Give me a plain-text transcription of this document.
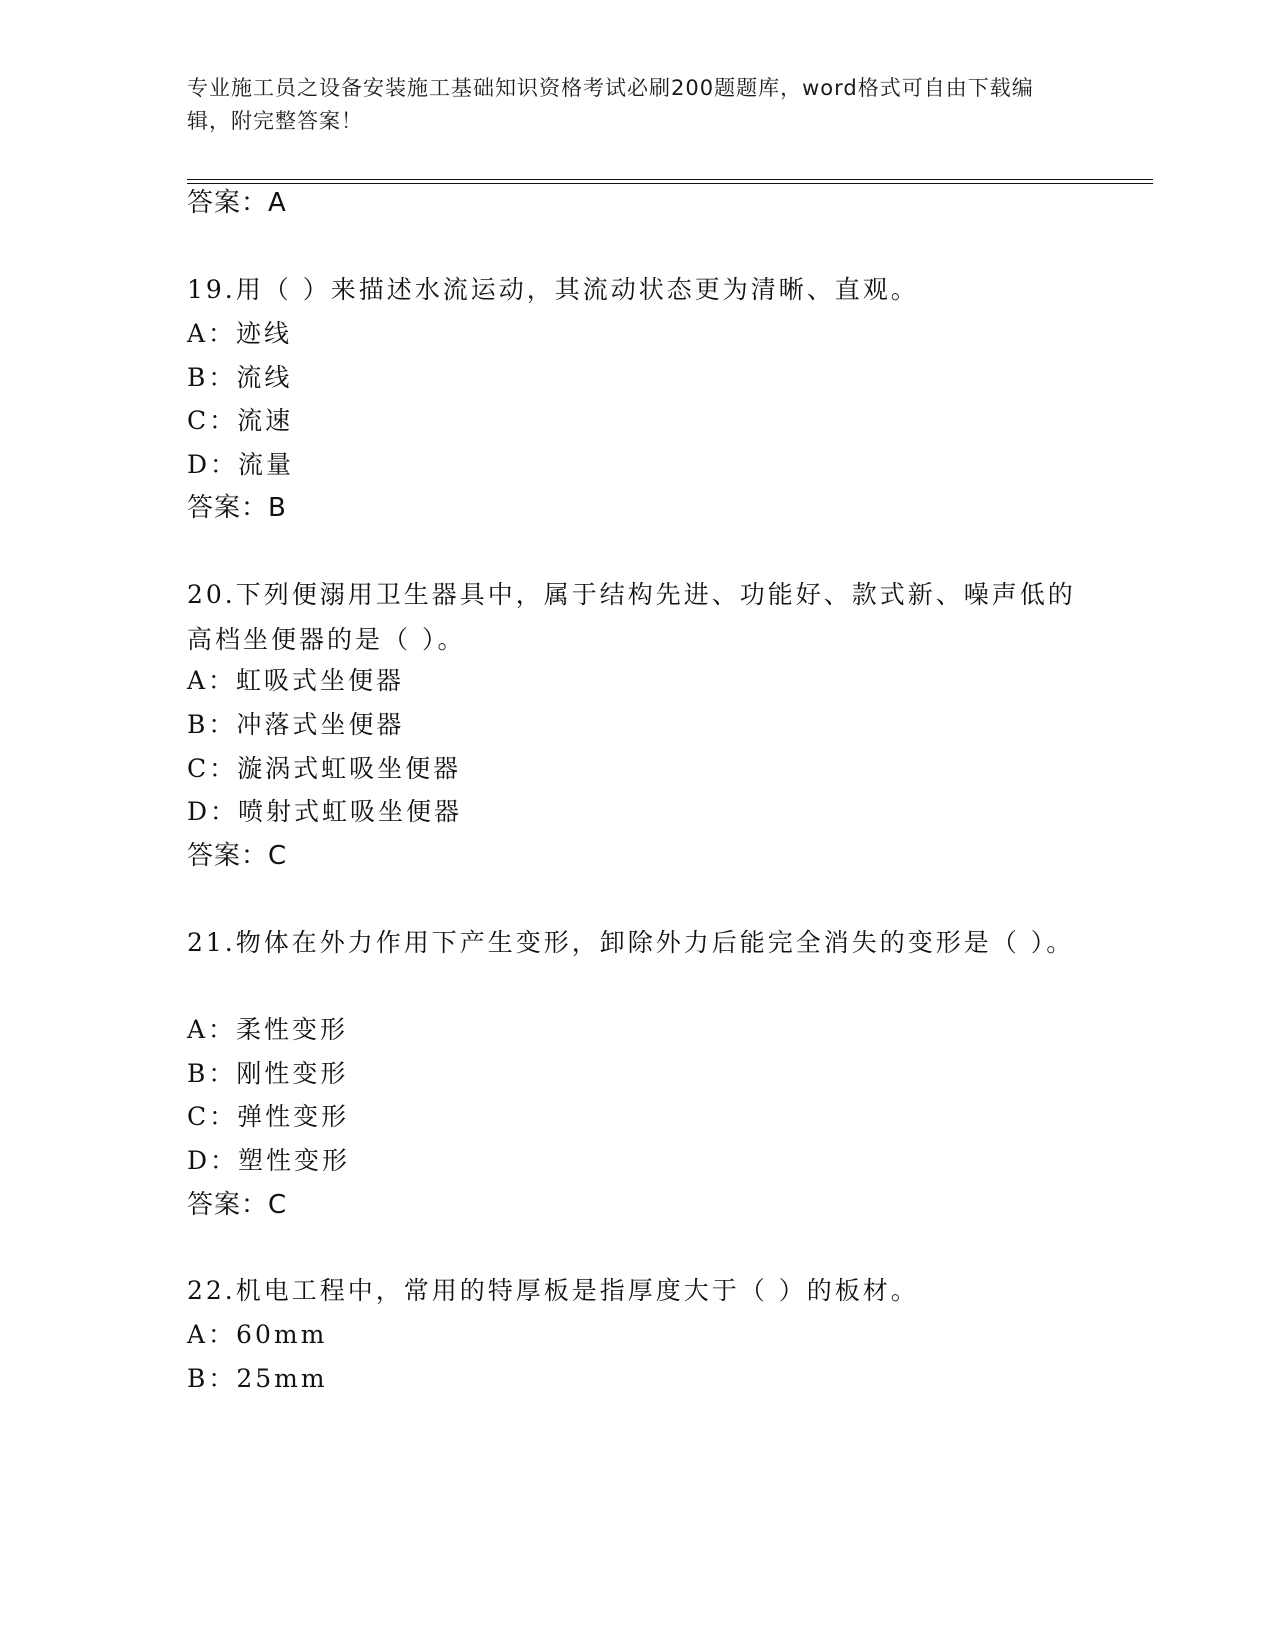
专业施工员之设备安装施工基础知识资格考试必刷200题题库，word格式可自由下载编辑，附完整答案！
答案：A
19.用（ ）来描述水流运动，其流动状态更为清晰、直观。
A：迹线
B：流线
C：流速
D：流量
答案：B
20.下列便溺用卫生器具中，属于结构先进、功能好、款式新、噪声低的高档坐便器的是（ ）。
A：虹吸式坐便器
B：冲落式坐便器
C：漩涡式虹吸坐便器
D：喷射式虹吸坐便器
答案：C
21.物体在外力作用下产生变形，卸除外力后能完全消失的变形是（ ）。
A：柔性变形
B：刚性变形
C：弹性变形
D：塑性变形
答案：C
22.机电工程中，常用的特厚板是指厚度大于（ ）的板材。
A：60mm
B：25mm
